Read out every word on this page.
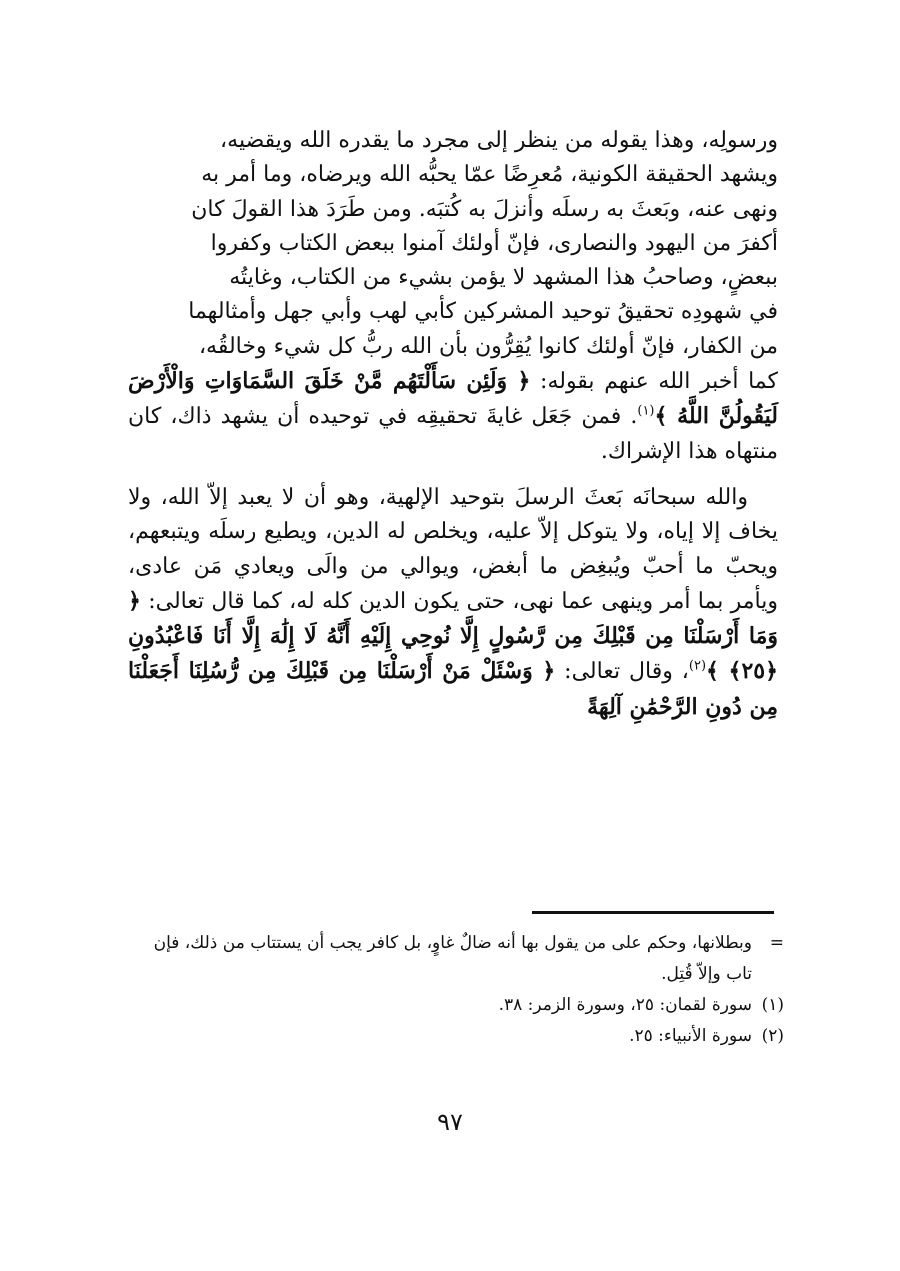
ورسولِه، وهذا يقوله من ينظر إلى مجرد ما يقدره الله ويقضيه،

ويشهد الحقيقة الكونية، مُعرِضًا عمّا يحبُّه الله ويرضاه، وما أمر به

ونهى عنه، وبَعثَ به رسلَه وأنزلَ به كُتبَه. ومن طَرَدَ هذا القولَ كان

أكفرَ من اليهود والنصارى، فإنّ أولئك آمنوا ببعض الكتاب وكفروا

ببعضٍ، وصاحبُ هذا المشهد لا يؤمن بشيء من الكتاب، وغايتُه

في شهودِه تحقيقُ توحيد المشركين كأبي لهب وأبي جهل وأمثالهما

من الكفار، فإنّ أولئك كانوا يُقِرُّون بأن الله ربُّ كل شيء وخالقُه،

كما أخبر الله عنهم بقوله: ﴿ وَلَئِن سَأَلْتَهُم مَّنْ خَلَقَ السَّمَاوَاتِ وَالْأَرْضَ لَيَقُولُنَّ اللَّهُ ﴾$^{(١)}$. فمن جَعَل غايةَ تحقيقِه في توحيده أن يشهد ذاك، كان منتهاه هذا الإشراك.

والله سبحانَه بَعثَ الرسلَ بتوحيد الإلهية، وهو أن لا يعبد إلاّ الله، ولا يخاف إلا إياه، ولا يتوكل إلاّ عليه، ويخلص له الدين، ويطيع رسلَه ويتبعهم، ويحبّ ما أحبّ ويُبغِض ما أبغض، ويوالي من والَى ويعادي مَن عادى، ويأمر بما أمر وينهى عما نهى، حتى يكون الدين كله له، كما قال تعالى: ﴿ وَمَا أَرْسَلْنَا مِن قَبْلِكَ مِن رَّسُولٍ إِلَّا نُوحِي إِلَيْهِ أَنَّهُ لَا إِلَٰهَ إِلَّا أَنَا فَاعْبُدُونِ ﴿٢٥﴾ ﴾$^{(٢)}$، وقال تعالى: ﴿ وَسْئَلْ مَنْ أَرْسَلْنَا مِن قَبْلِكَ مِن رُّسُلِنَا أَجَعَلْنَا مِن دُونِ الرَّحْمَٰنِ آلِهَةً
=
وبطلانها، وحكم على من يقول بها أنه ضالٌ غاوٍ، بل كافر يجب أن يستتاب من ذلك، فإن تاب وإلاّ قُتِل.
(١)
سورة لقمان: ٢٥، وسورة الزمر: ٣٨.
(٢)
سورة الأنبياء: ٢٥.
٩٧
